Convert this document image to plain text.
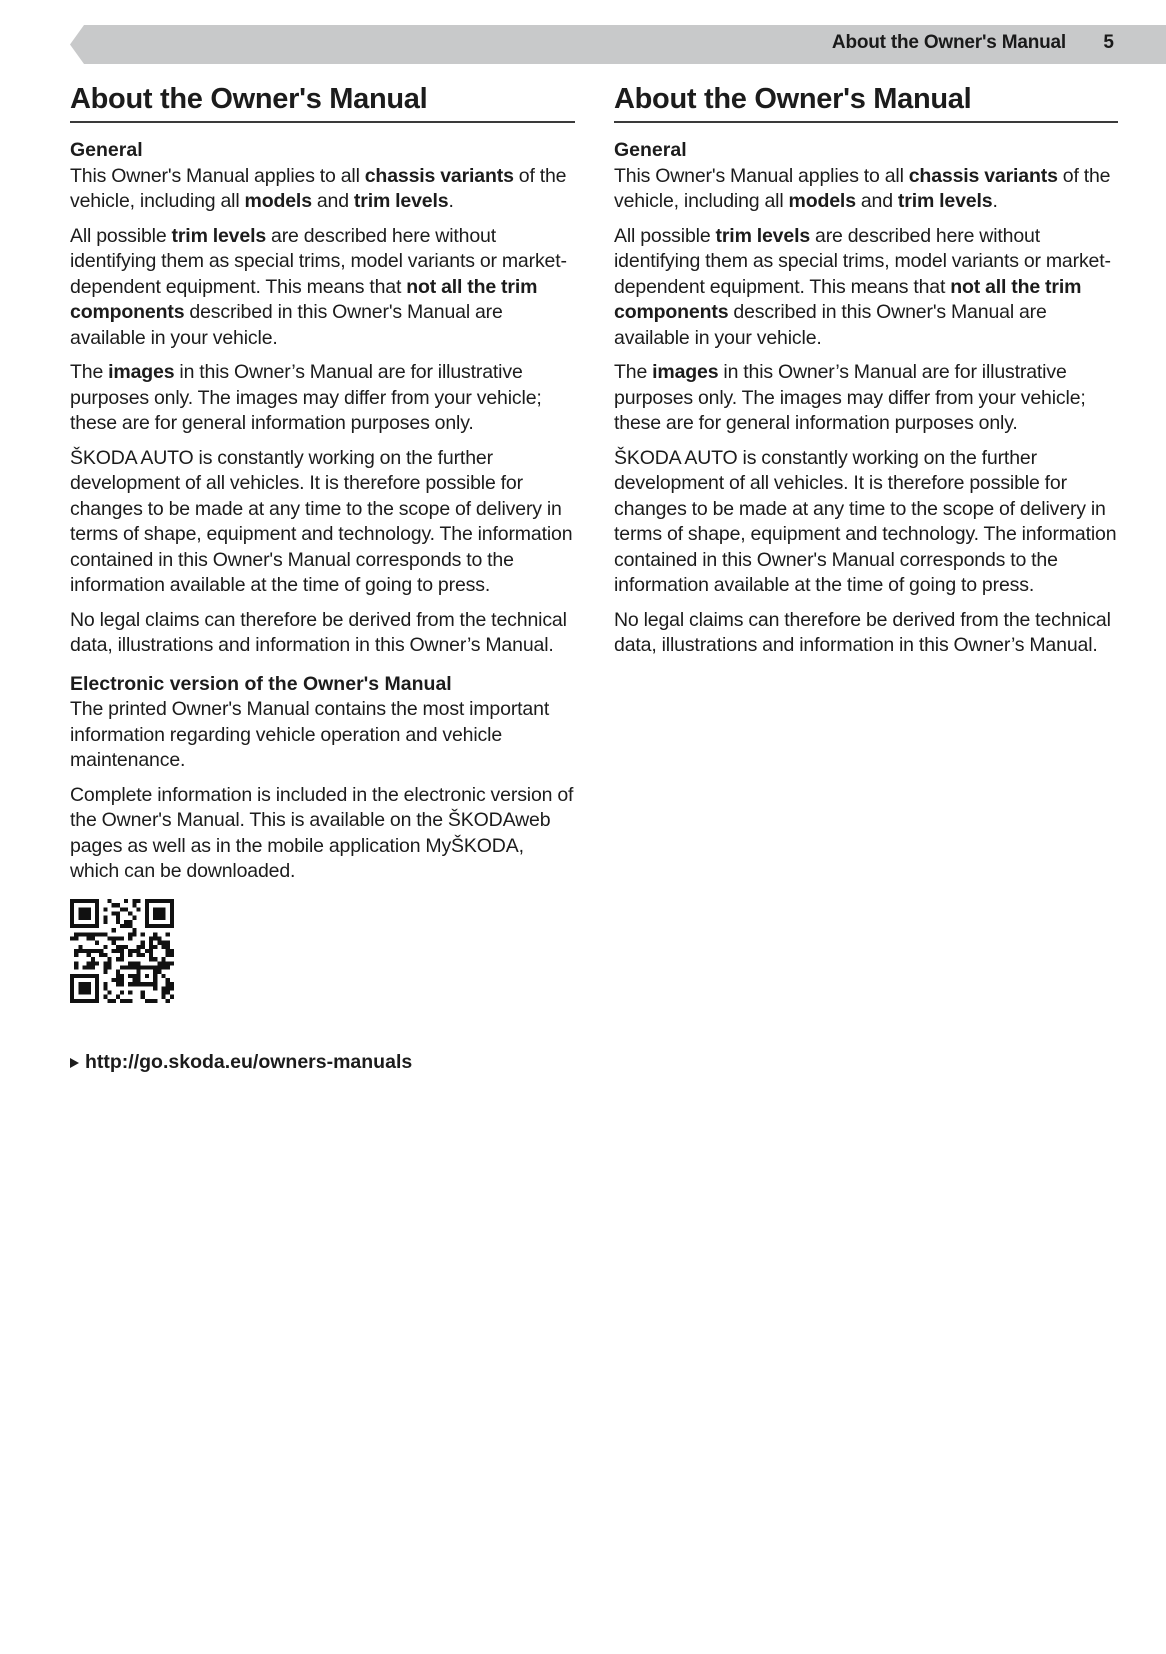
About the Owner's Manual 5
About the Owner's Manual
General

This Owner's Manual applies to all chassis variants of the vehicle, including all models and trim levels.

All possible trim levels are described here without identifying them as special trims, model variants or market-dependent equipment. This means that not all the trim components described in this Owner's Manual are available in your vehicle.

The images in this Owner’s Manual are for illustrative purposes only. The images may differ from your vehicle; these are for general information purposes only.

ŠKODA AUTO is constantly working on the further development of all vehicles. It is therefore possible for changes to be made at any time to the scope of delivery in terms of shape, equipment and technology. The information contained in this Owner's Manual corresponds to the information available at the time of going to press.

No legal claims can therefore be derived from the technical data, illustrations and information in this Owner’s Manual.

Electronic version of the Owner's Manual

The printed Owner's Manual contains the most important information regarding vehicle operation and vehicle maintenance.

Complete information is included in the electronic version of the Owner's Manual. This is available on the ŠKODAweb pages as well as in the mobile application MyŠKODA, which can be downloaded.

http://go.skoda.eu/owners-manuals
About the Owner's Manual
General

This Owner's Manual applies to all chassis variants of the vehicle, including all models and trim levels.

All possible trim levels are described here without identifying them as special trims, model variants or market-dependent equipment. This means that not all the trim components described in this Owner's Manual are available in your vehicle.

The images in this Owner’s Manual are for illustrative purposes only. The images may differ from your vehicle; these are for general information purposes only.

ŠKODA AUTO is constantly working on the further development of all vehicles. It is therefore possible for changes to be made at any time to the scope of delivery in terms of shape, equipment and technology. The information contained in this Owner's Manual corresponds to the information available at the time of going to press.

No legal claims can therefore be derived from the technical data, illustrations and information in this Owner’s Manual.
